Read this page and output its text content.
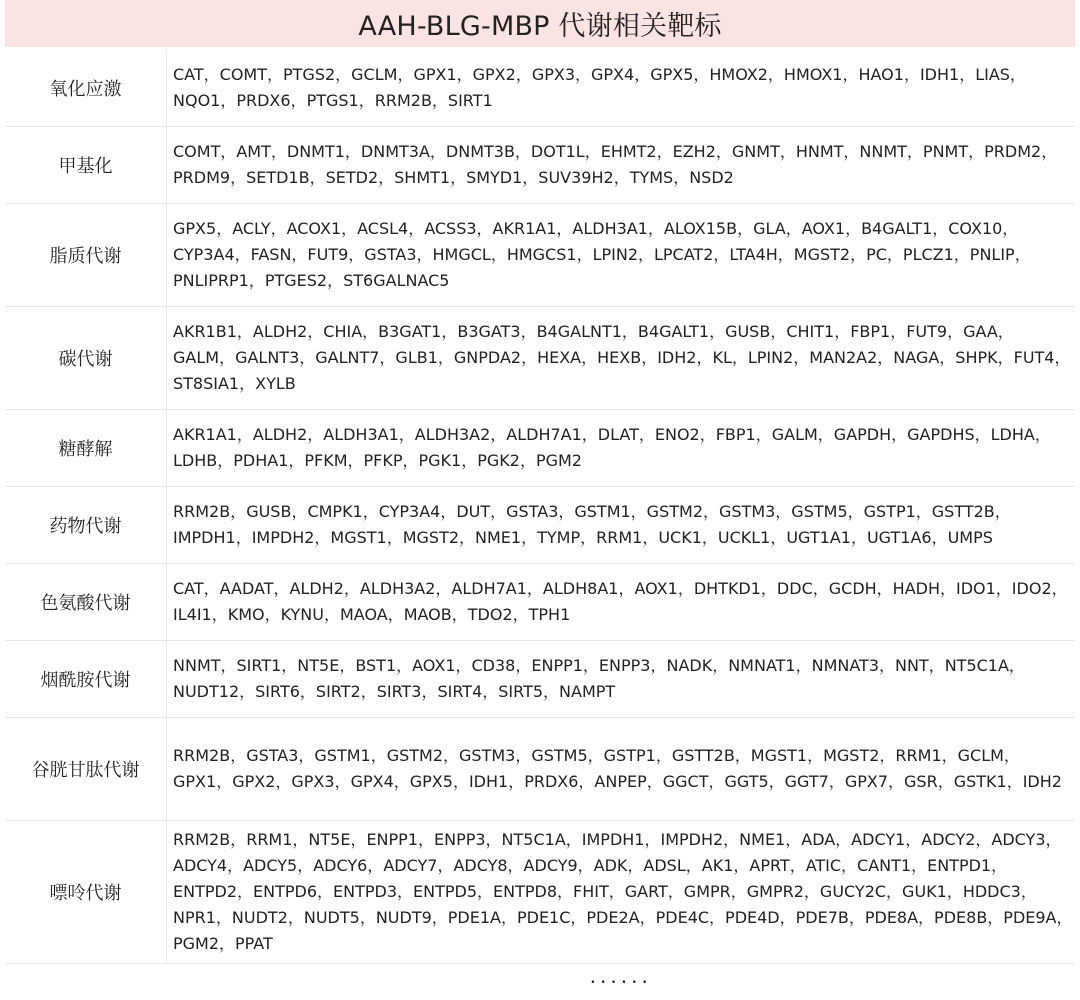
AAH-BLG-MBP 代谢相关靶标
氧化应激	CAT，COMT，PTGS2，GCLM，GPX1，GPX2，GPX3，GPX4，GPX5，HMOX2，HMOX1，HAO1，IDH1，LIAS，NQO1，PRDX6，PTGS1，RRM2B，SIRT1
甲基化	COMT，AMT，DNMT1，DNMT3A，DNMT3B，DOT1L，EHMT2，EZH2，GNMT，HNMT，NNMT，PNMT，PRDM2，PRDM9，SETD1B，SETD2，SHMT1，SMYD1，SUV39H2，TYMS，NSD2
脂质代谢	GPX5，ACLY，ACOX1，ACSL4，ACSS3，AKR1A1，ALDH3A1，ALOX15B，GLA，AOX1，B4GALT1，COX10，CYP3A4，FASN，FUT9，GSTA3，HMGCL，HMGCS1，LPIN2，LPCAT2，LTA4H，MGST2，PC，PLCZ1，PNLIP，PNLIPRP1，PTGES2，ST6GALNAC5
碳代谢	AKR1B1，ALDH2，CHIA，B3GAT1，B3GAT3，B4GALNT1，B4GALT1，GUSB，CHIT1，FBP1，FUT9，GAA，GALM，GALNT3，GALNT7，GLB1，GNPDA2，HEXA，HEXB，IDH2，KL，LPIN2，MAN2A2，NAGA，SHPK，FUT4，ST8SIA1，XYLB
糖酵解	AKR1A1，ALDH2，ALDH3A1，ALDH3A2，ALDH7A1，DLAT，ENO2，FBP1，GALM，GAPDH，GAPDHS，LDHA，LDHB，PDHA1，PFKM，PFKP，PGK1，PGK2，PGM2
药物代谢	RRM2B，GUSB，CMPK1，CYP3A4，DUT，GSTA3，GSTM1，GSTM2，GSTM3，GSTM5，GSTP1，GSTT2B，IMPDH1，IMPDH2，MGST1，MGST2，NME1，TYMP，RRM1，UCK1，UCKL1，UGT1A1，UGT1A6，UMPS
色氨酸代谢	CAT，AADAT，ALDH2，ALDH3A2，ALDH7A1，ALDH8A1，AOX1，DHTKD1，DDC，GCDH，HADH，IDO1，IDO2，IL4I1，KMO，KYNU，MAOA，MAOB，TDO2，TPH1
烟酰胺代谢	NNMT，SIRT1，NT5E，BST1，AOX1，CD38，ENPP1，ENPP3，NADK，NMNAT1，NMNAT3，NNT，NT5C1A，NUDT12，SIRT6，SIRT2，SIRT3，SIRT4，SIRT5，NAMPT
谷胱甘肽代谢	RRM2B，GSTA3，GSTM1，GSTM2，GSTM3，GSTM5，GSTP1，GSTT2B，MGST1，MGST2，RRM1，GCLM，GPX1，GPX2，GPX3，GPX4，GPX5，IDH1，PRDX6，ANPEP，GGCT，GGT5，GGT7，GPX7，GSR，GSTK1，IDH2
嘌呤代谢	RRM2B，RRM1，NT5E，ENPP1，ENPP3，NT5C1A，IMPDH1，IMPDH2，NME1，ADA，ADCY1，ADCY2，ADCY3，ADCY4，ADCY5，ADCY6，ADCY7，ADCY8，ADCY9，ADK，ADSL，AK1，APRT，ATIC，CANT1，ENTPD1，ENTPD2，ENTPD6，ENTPD3，ENTPD5，ENTPD8，FHIT，GART，GMPR，GMPR2，GUCY2C，GUK1，HDDC3，NPR1，NUDT2，NUDT5，NUDT9，PDE1A，PDE1C，PDE2A，PDE4C，PDE4D，PDE7B，PDE8A，PDE8B，PDE9A，PGM2，PPAT
	······
